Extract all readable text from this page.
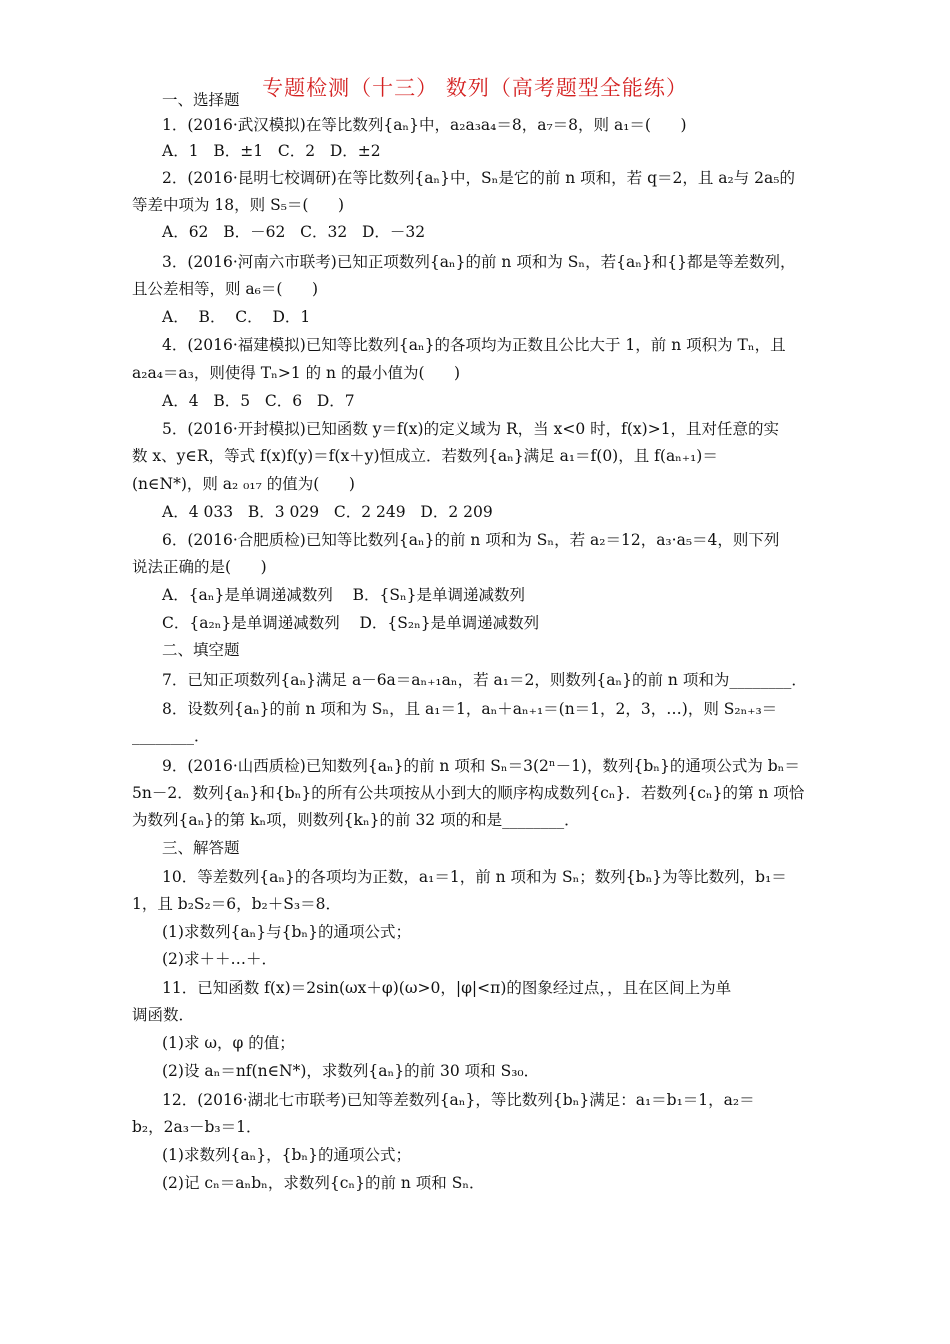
专题检测（十三） 数列（高考题型全能练）
一、选择题
1．(2016·武汉模拟)在等比数列{aₙ}中，a₂a₃a₄＝8，a₇＝8，则 a₁＝(      )
A．1   B．±1   C．2   D．±2
2．(2016·昆明七校调研)在等比数列{aₙ}中，Sₙ是它的前 n 项和，若 q＝2，且 a₂与 2a₅的
等差中项为 18，则 S₅＝(      )
A．62   B．－62   C．32   D．－32
3．(2016·河南六市联考)已知正项数列{aₙ}的前 n 项和为 Sₙ，若{aₙ}和{}都是等差数列，
且公差相等，则 a₆＝(      )
A．  B．  C．  D．1
4．(2016·福建模拟)已知等比数列{aₙ}的各项均为正数且公比大于 1，前 n 项积为 Tₙ，且
a₂a₄＝a₃，则使得 Tₙ>1 的 n 的最小值为(      )
A．4   B．5   C．6   D．7
5．(2016·开封模拟)已知函数 y＝f(x)的定义域为 R，当 x<0 时，f(x)>1，且对任意的实
数 x、y∈R，等式 f(x)f(y)＝f(x＋y)恒成立．若数列{aₙ}满足 a₁＝f(0)，且 f(aₙ₊₁)＝
(n∈N*)，则 a₂ ₀₁₇ 的值为(      )
A．4 033   B．3 029   C．2 249   D．2 209
6．(2016·合肥质检)已知等比数列{aₙ}的前 n 项和为 Sₙ，若 a₂＝12，a₃·a₅＝4，则下列
说法正确的是(      )
A．{aₙ}是单调递减数列    B．{Sₙ}是单调递减数列
C．{a₂ₙ}是单调递减数列    D．{S₂ₙ}是单调递减数列
二、填空题
7．已知正项数列{aₙ}满足 a－6a＝aₙ₊₁aₙ，若 a₁＝2，则数列{aₙ}的前 n 项和为________．
8．设数列{aₙ}的前 n 项和为 Sₙ，且 a₁＝1，aₙ＋aₙ₊₁＝(n＝1，2，3，…)，则 S₂ₙ₊₃＝
________．
9．(2016·山西质检)已知数列{aₙ}的前 n 项和 Sₙ＝3(2ⁿ－1)，数列{bₙ}的通项公式为 bₙ＝
5n－2．数列{aₙ}和{bₙ}的所有公共项按从小到大的顺序构成数列{cₙ}．若数列{cₙ}的第 n 项恰
为数列{aₙ}的第 kₙ项，则数列{kₙ}的前 32 项的和是________．
三、解答题
10．等差数列{aₙ}的各项均为正数，a₁＝1，前 n 项和为 Sₙ；数列{bₙ}为等比数列，b₁＝
1，且 b₂S₂＝6，b₂＋S₃＝8．
(1)求数列{aₙ}与{bₙ}的通项公式；
(2)求＋＋…＋．
11．已知函数 f(x)＝2sin(ωx＋φ)(ω>0，|φ|<π)的图象经过点，，且在区间上为单
调函数．
(1)求 ω，φ 的值；
(2)设 aₙ＝nf(n∈N*)，求数列{aₙ}的前 30 项和 S₃₀．
12．(2016·湖北七市联考)已知等差数列{aₙ}，等比数列{bₙ}满足：a₁＝b₁＝1，a₂＝
b₂，2a₃－b₃＝1．
(1)求数列{aₙ}，{bₙ}的通项公式；
(2)记 cₙ＝aₙbₙ，求数列{cₙ}的前 n 项和 Sₙ．
